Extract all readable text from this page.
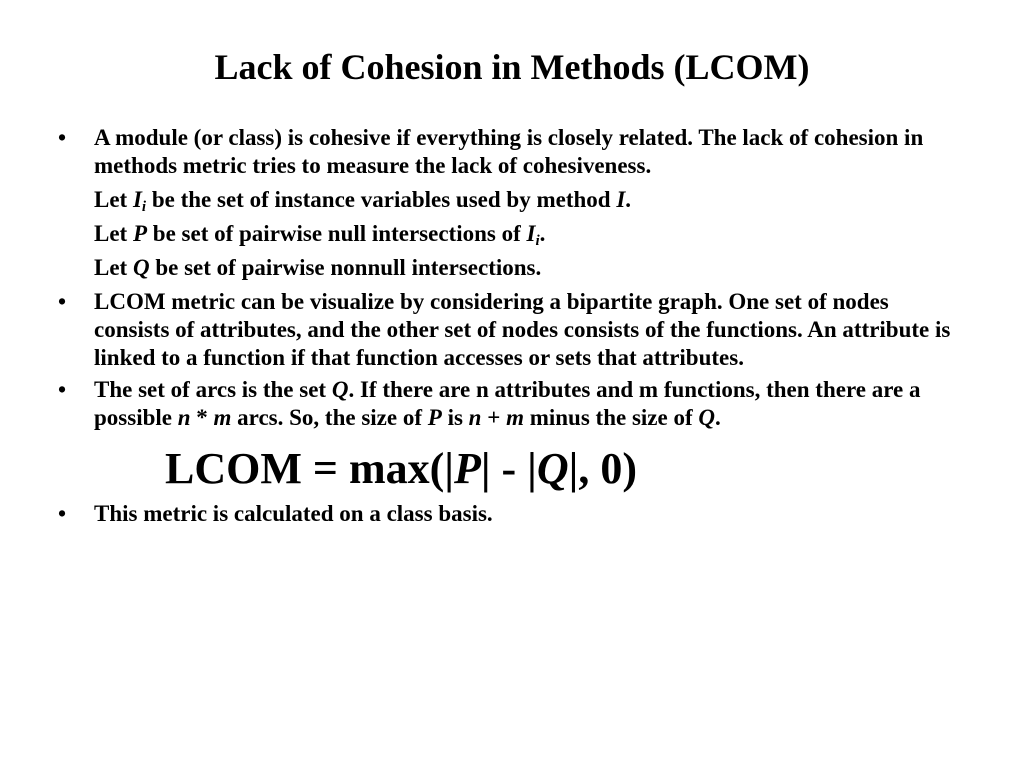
Lack of Cohesion in Methods (LCOM)
• A module (or class) is cohesive if everything is closely related. The lack of cohesion in methods metric tries to measure the lack of cohesiveness.
Let $I_i$ be the set of instance variables used by method I.
Let P be set of pairwise null intersections of $I_i$.
Let Q be set of pairwise nonnull intersections.
• LCOM metric can be visualize by considering a bipartite graph. One set of nodes consists of attributes, and the other set of nodes consists of the functions. An attribute is linked to a function if that function accesses or sets that attributes.
• The set of arcs is the set Q. If there are n attributes and m functions, then there are a possible n * m arcs. So, the size of P is n + m minus the size of Q.
LCOM = max(|P| - |Q|, 0)
• This metric is calculated on a class basis.
